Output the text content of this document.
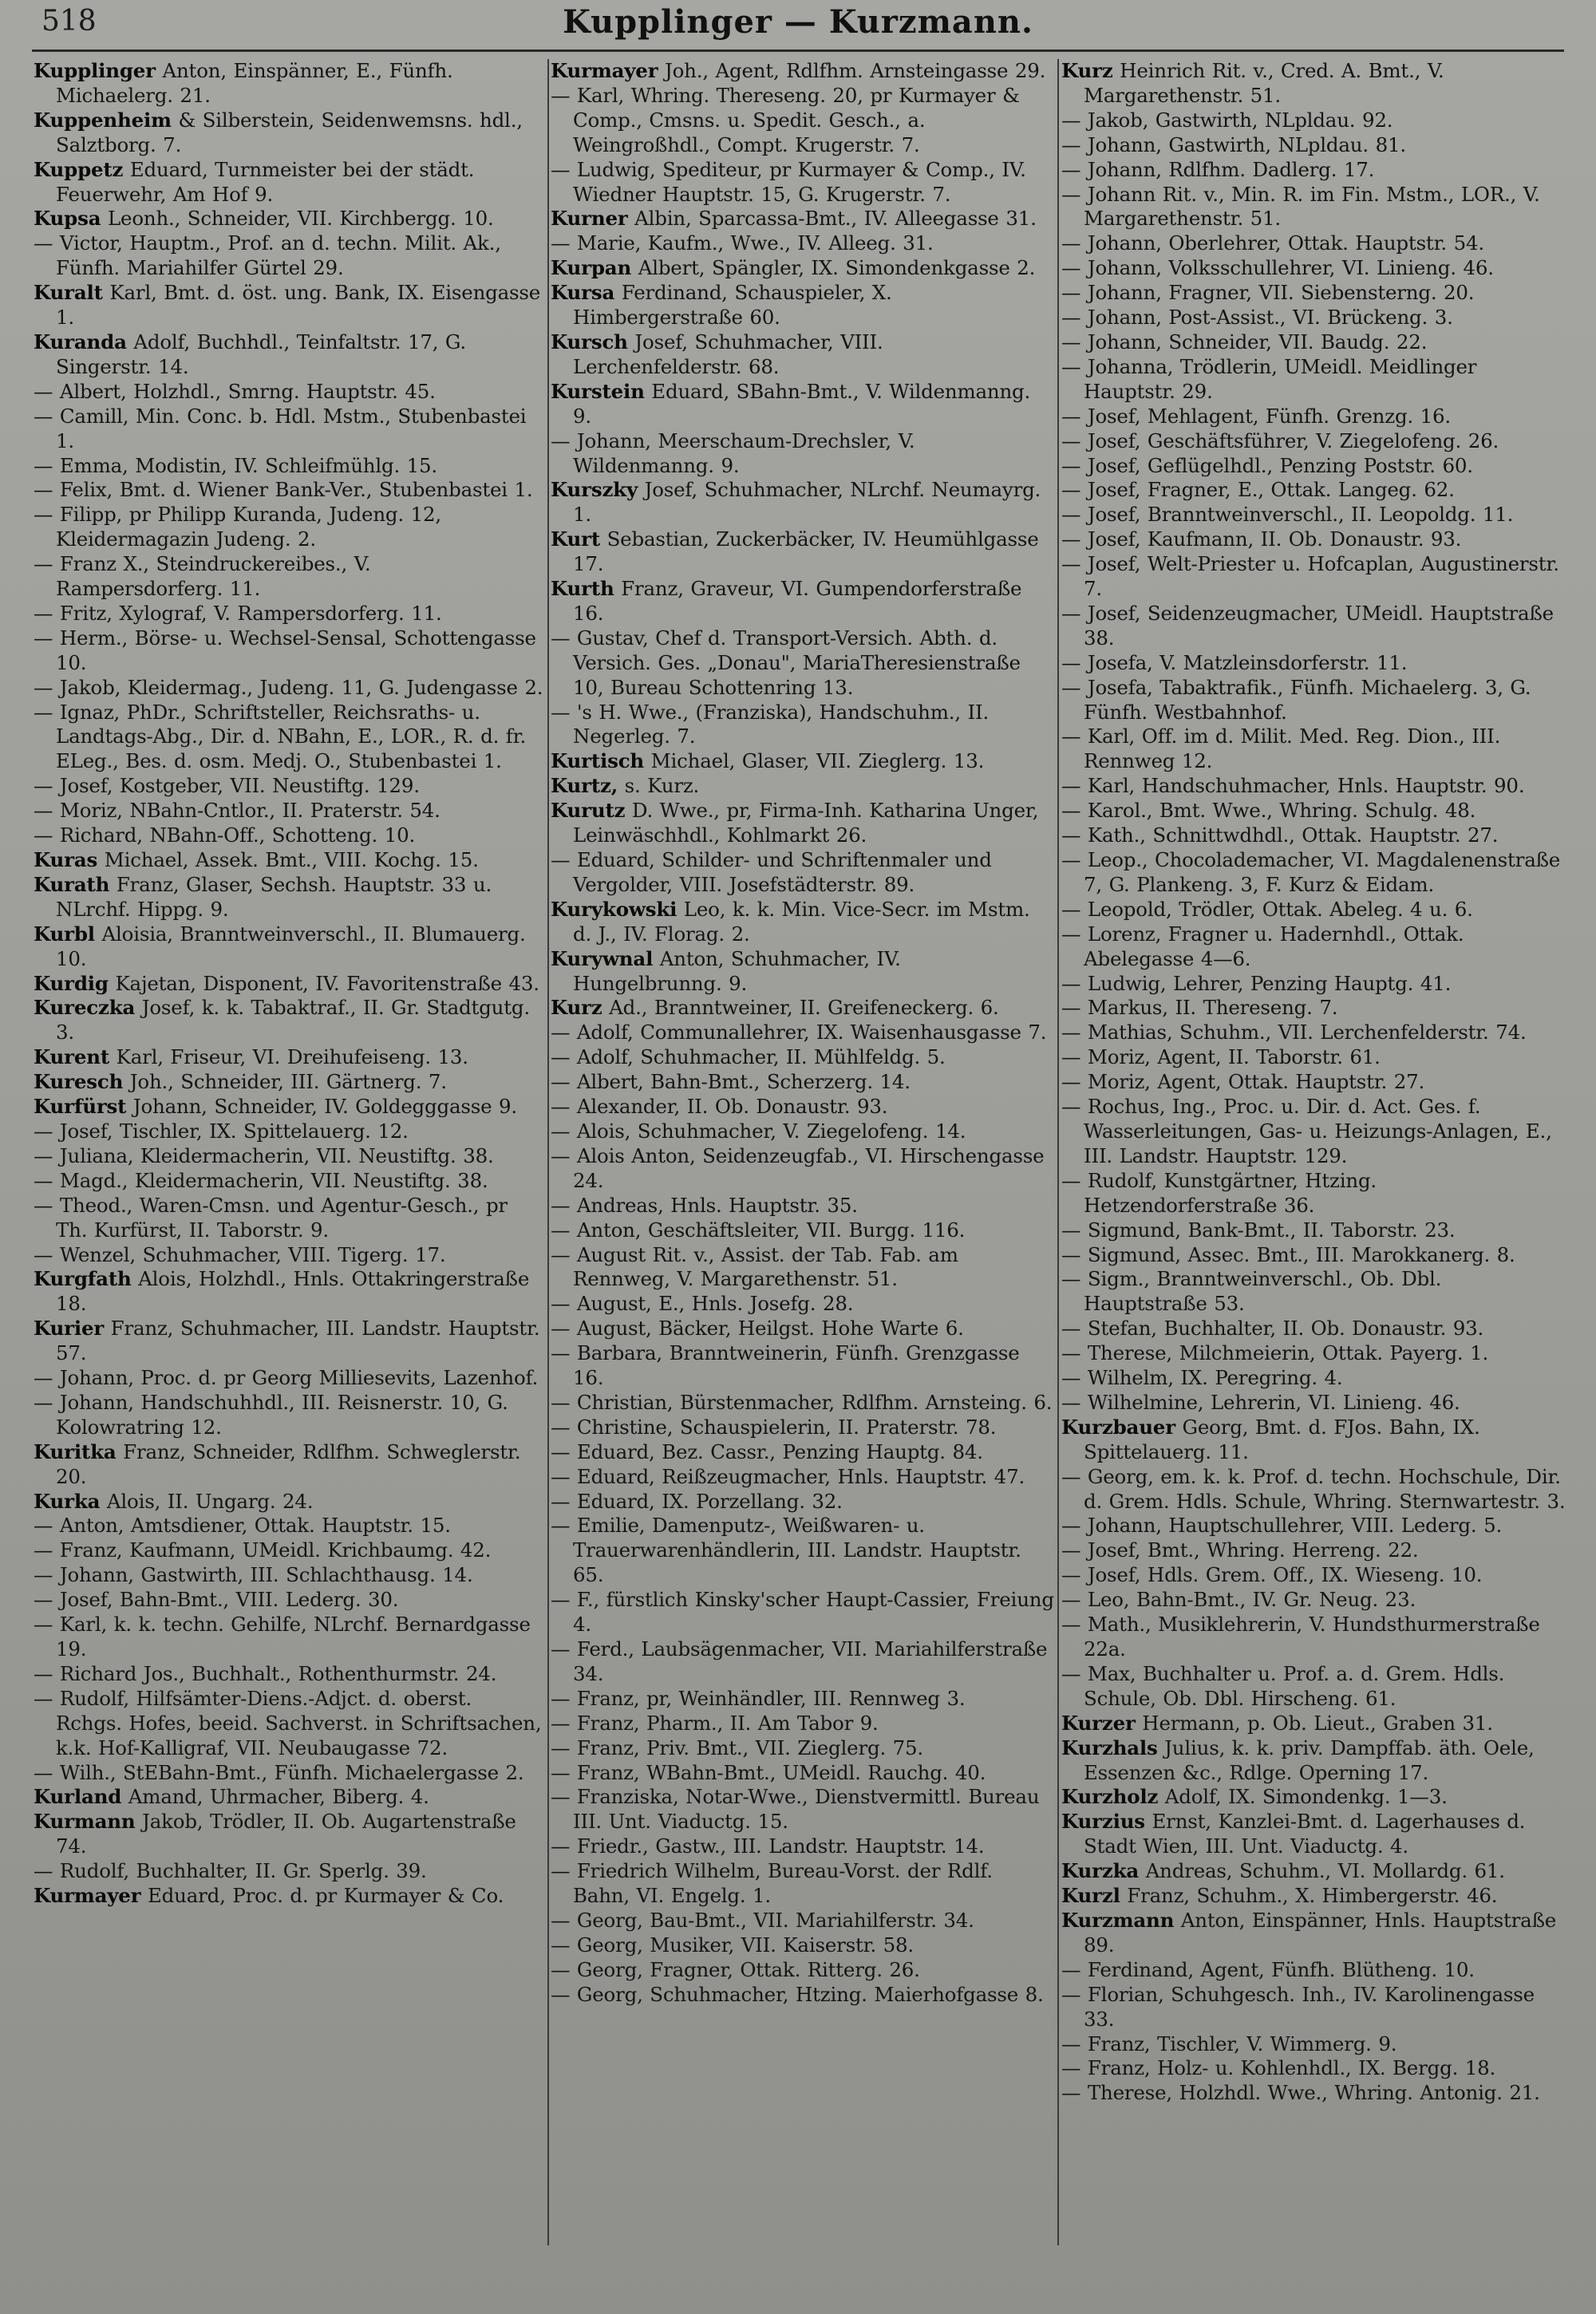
518	Kupplinger — Kurzmann.
Kupplinger Anton, Einspänner, E., Fünfh. Michaelerg. 21.
Kuppenheim & Silberstein, Seidenwemsns. hdl., Salztborg. 7.
Kuppetz Eduard, Turnmeister bei der städt. Feuerwehr, Am Hof 9.
Kupsa Leonh., Schneider, VII. Kirchbergg. 10.
— Victor, Hauptm., Prof. an d. techn. Milit. Ak., Fünfh. Mariahilfer Gürtel 29.
Kuralt Karl, Bmt. d. öst. ung. Bank, IX. Eisengasse 1.
Kuranda Adolf, Buchhdl., Teinfaltstr. 17, G. Singerstr. 14.
— Albert, Holzhdl., Smrng. Hauptstr. 45.
— Camill, Min. Conc. b. Hdl. Mstm., Stubenbastei 1.
— Emma, Modistin, IV. Schleifmühlg. 15.
— Felix, Bmt. d. Wiener Bank-Ver., Stubenbastei 1.
— Filipp, pr Philipp Kuranda, Judeng. 12, Kleidermagazin Judeng. 2.
— Franz X., Steindruckereibes., V. Rampersdorferg. 11.
— Fritz, Xylograf, V. Rampersdorferg. 11.
— Herm., Börse- u. Wechsel-Sensal, Schottengasse 10.
— Jakob, Kleidermag., Judeng. 11, G. Judengasse 2.
— Ignaz, PhDr., Schriftsteller, Reichsraths- u. Landtags-Abg., Dir. d. NBahn, E., LOR., R. d. fr. ELeg., Bes. d. osm. Medj. O., Stubenbastei 1.
— Josef, Kostgeber, VII. Neustiftg. 129.
— Moriz, NBahn-Cntlor., II. Praterstr. 54.
— Richard, NBahn-Off., Schotteng. 10.
Kuras Michael, Assek. Bmt., VIII. Kochg. 15.
Kurath Franz, Glaser, Sechsh. Hauptstr. 33 u. NLrchf. Hippg. 9.
Kurbl Aloisia, Branntweinverschl., II. Blumauerg. 10.
Kurdig Kajetan, Disponent, IV. Favoritenstraße 43.
Kureczka Josef, k. k. Tabaktraf., II. Gr. Stadtgutg. 3.
Kurent Karl, Friseur, VI. Dreihufeiseng. 13.
Kuresch Joh., Schneider, III. Gärtnerg. 7.
Kurfürst Johann, Schneider, IV. Goldegggasse 9.
— Josef, Tischler, IX. Spittelauerg. 12.
— Juliana, Kleidermacherin, VII. Neustiftg. 38.
— Magd., Kleidermacherin, VII. Neustiftg. 38.
— Theod., Waren-Cmsn. und Agentur-Gesch., pr Th. Kurfürst, II. Taborstr. 9.
— Wenzel, Schuhmacher, VIII. Tigerg. 17.
Kurgfath Alois, Holzhdl., Hnls. Ottakringerstraße 18.
Kurier Franz, Schuhmacher, III. Landstr. Hauptstr. 57.
— Johann, Proc. d. pr Georg Milliesevits, Lazenhof.
— Johann, Handschuhhdl., III. Reisnerstr. 10, G. Kolowratring 12.
Kuritka Franz, Schneider, Rdlfhm. Schweglerstr. 20.
Kurka Alois, II. Ungarg. 24.
— Anton, Amtsdiener, Ottak. Hauptstr. 15.
— Franz, Kaufmann, UMeidl. Krichbaumg. 42.
— Johann, Gastwirth, III. Schlachthausg. 14.
— Josef, Bahn-Bmt., VIII. Lederg. 30.
— Karl, k. k. techn. Gehilfe, NLrchf. Bernardgasse 19.
— Richard Jos., Buchhalt., Rothenthurmstr. 24.
— Rudolf, Hilfsämter-Diens.-Adjct. d. oberst. Rchgs. Hofes, beeid. Sachverst. in Schriftsachen, k.k. Hof-Kalligraf, VII. Neubaugasse 72.
— Wilh., StEBahn-Bmt., Fünfh. Michaelergasse 2.
Kurland Amand, Uhrmacher, Biberg. 4.
Kurmann Jakob, Trödler, II. Ob. Augartenstraße 74.
— Rudolf, Buchhalter, II. Gr. Sperlg. 39.
Kurmayer Eduard, Proc. d. pr Kurmayer & Co.
Kurmayer Joh., Agent, Rdlfhm. Arnsteingasse 29.
— Karl, Whring. Thereseng. 20, pr Kurmayer & Comp., Cmsns. u. Spedit. Gesch., a. Weingroßhdl., Compt. Krugerstr. 7.
— Ludwig, Spediteur, pr Kurmayer & Comp., IV. Wiedner Hauptstr. 15, G. Krugerstr. 7.
Kurner Albin, Sparcassa-Bmt., IV. Alleegasse 31.
— Marie, Kaufm., Wwe., IV. Alleeg. 31.
Kurpan Albert, Spängler, IX. Simondenkgasse 2.
Kursa Ferdinand, Schauspieler, X. Himbergerstraße 60.
Kursch Josef, Schuhmacher, VIII. Lerchenfelderstr. 68.
Kurstein Eduard, SBahn-Bmt., V. Wildenmanng. 9.
— Johann, Meerschaum-Drechsler, V. Wildenmanng. 9.
Kurszky Josef, Schuhmacher, NLrchf. Neumayrg. 1.
Kurt Sebastian, Zuckerbäcker, IV. Heumühlgasse 17.
Kurth Franz, Graveur, VI. Gumpendorferstraße 16.
— Gustav, Chef d. Transport-Versich. Abth. d. Versich. Ges. „Donau", MariaTheresienstraße 10, Bureau Schottenring 13.
— 's H. Wwe., (Franziska), Handschuhm., II. Negerleg. 7.
Kurtisch Michael, Glaser, VII. Zieglerg. 13.
Kurtz, s. Kurz.
Kurutz D. Wwe., pr, Firma-Inh. Katharina Unger, Leinwäschhdl., Kohlmarkt 26.
— Eduard, Schilder- und Schriftenmaler und Vergolder, VIII. Josefstädterstr. 89.
Kurykowski Leo, k. k. Min. Vice-Secr. im Mstm. d. J., IV. Florag. 2.
Kurywnal Anton, Schuhmacher, IV. Hungelbrunng. 9.
Kurz Ad., Branntweiner, II. Greifeneckerg. 6.
— Adolf, Communallehrer, IX. Waisenhausgasse 7.
— Adolf, Schuhmacher, II. Mühlfeldg. 5.
— Albert, Bahn-Bmt., Scherzerg. 14.
— Alexander, II. Ob. Donaustr. 93.
— Alois, Schuhmacher, V. Ziegelofeng. 14.
— Alois Anton, Seidenzeugfab., VI. Hirschengasse 24.
— Andreas, Hnls. Hauptstr. 35.
— Anton, Geschäftsleiter, VII. Burgg. 116.
— August Rit. v., Assist. der Tab. Fab. am Rennweg, V. Margarethenstr. 51.
— August, E., Hnls. Josefg. 28.
— August, Bäcker, Heilgst. Hohe Warte 6.
— Barbara, Branntweinerin, Fünfh. Grenzgasse 16.
— Christian, Bürstenmacher, Rdlfhm. Arnsteing. 6.
— Christine, Schauspielerin, II. Praterstr. 78.
— Eduard, Bez. Cassr., Penzing Hauptg. 84.
— Eduard, Reißzeugmacher, Hnls. Hauptstr. 47.
— Eduard, IX. Porzellang. 32.
— Emilie, Damenputz-, Weißwaren- u. Trauerwarenhändlerin, III. Landstr. Hauptstr. 65.
— F., fürstlich Kinsky'scher Haupt-Cassier, Freiung 4.
— Ferd., Laubsägenmacher, VII. Mariahilferstraße 34.
— Franz, pr, Weinhändler, III. Rennweg 3.
— Franz, Pharm., II. Am Tabor 9.
— Franz, Priv. Bmt., VII. Zieglerg. 75.
— Franz, WBahn-Bmt., UMeidl. Rauchg. 40.
— Franziska, Notar-Wwe., Dienstvermittl. Bureau III. Unt. Viaductg. 15.
— Friedr., Gastw., III. Landstr. Hauptstr. 14.
— Friedrich Wilhelm, Bureau-Vorst. der Rdlf. Bahn, VI. Engelg. 1.
— Georg, Bau-Bmt., VII. Mariahilferstr. 34.
— Georg, Musiker, VII. Kaiserstr. 58.
— Georg, Fragner, Ottak. Ritterg. 26.
— Georg, Schuhmacher, Htzing. Maierhofgasse 8.
Kurz Heinrich Rit. v., Cred. A. Bmt., V. Margarethenstr. 51.
— Jakob, Gastwirth, NLpldau. 92.
— Johann, Gastwirth, NLpldau. 81.
— Johann, Rdlfhm. Dadlerg. 17.
— Johann Rit. v., Min. R. im Fin. Mstm., LOR., V. Margarethenstr. 51.
— Johann, Oberlehrer, Ottak. Hauptstr. 54.
— Johann, Volksschullehrer, VI. Linieng. 46.
— Johann, Fragner, VII. Siebensterng. 20.
— Johann, Post-Assist., VI. Brückeng. 3.
— Johann, Schneider, VII. Baudg. 22.
— Johanna, Trödlerin, UMeidl. Meidlinger Hauptstr. 29.
— Josef, Mehlagent, Fünfh. Grenzg. 16.
— Josef, Geschäftsführer, V. Ziegelofeng. 26.
— Josef, Geflügelhdl., Penzing Poststr. 60.
— Josef, Fragner, E., Ottak. Langeg. 62.
— Josef, Branntweinverschl., II. Leopoldg. 11.
— Josef, Kaufmann, II. Ob. Donaustr. 93.
— Josef, Welt-Priester u. Hofcaplan, Augustinerstr. 7.
— Josef, Seidenzeugmacher, UMeidl. Hauptstraße 38.
— Josefa, V. Matzleinsdorferstr. 11.
— Josefa, Tabaktrafik., Fünfh. Michaelerg. 3, G. Fünfh. Westbahnhof.
— Karl, Off. im d. Milit. Med. Reg. Dion., III. Rennweg 12.
— Karl, Handschuhmacher, Hnls. Hauptstr. 90.
— Karol., Bmt. Wwe., Whring. Schulg. 48.
— Kath., Schnittwdhdl., Ottak. Hauptstr. 27.
— Leop., Chocolademacher, VI. Magdalenenstraße 7, G. Plankeng. 3, F. Kurz & Eidam.
— Leopold, Trödler, Ottak. Abeleg. 4 u. 6.
— Lorenz, Fragner u. Hadernhdl., Ottak. Abelegasse 4—6.
— Ludwig, Lehrer, Penzing Hauptg. 41.
— Markus, II. Thereseng. 7.
— Mathias, Schuhm., VII. Lerchenfelderstr. 74.
— Moriz, Agent, II. Taborstr. 61.
— Moriz, Agent, Ottak. Hauptstr. 27.
— Rochus, Ing., Proc. u. Dir. d. Act. Ges. f. Wasserleitungen, Gas- u. Heizungs-Anlagen, E., III. Landstr. Hauptstr. 129.
— Rudolf, Kunstgärtner, Htzing. Hetzendorferstraße 36.
— Sigmund, Bank-Bmt., II. Taborstr. 23.
— Sigmund, Assec. Bmt., III. Marokkanerg. 8.
— Sigm., Branntweinverschl., Ob. Dbl. Hauptstraße 53.
— Stefan, Buchhalter, II. Ob. Donaustr. 93.
— Therese, Milchmeierin, Ottak. Payerg. 1.
— Wilhelm, IX. Peregring. 4.
— Wilhelmine, Lehrerin, VI. Linieng. 46.
Kurzbauer Georg, Bmt. d. FJos. Bahn, IX. Spittelauerg. 11.
— Georg, em. k. k. Prof. d. techn. Hochschule, Dir. d. Grem. Hdls. Schule, Whring. Sternwartestr. 3.
— Johann, Hauptschullehrer, VIII. Lederg. 5.
— Josef, Bmt., Whring. Herreng. 22.
— Josef, Hdls. Grem. Off., IX. Wieseng. 10.
— Leo, Bahn-Bmt., IV. Gr. Neug. 23.
— Math., Musiklehrerin, V. Hundsthurmerstraße 22a.
— Max, Buchhalter u. Prof. a. d. Grem. Hdls. Schule, Ob. Dbl. Hirscheng. 61.
Kurzer Hermann, p. Ob. Lieut., Graben 31.
Kurzhals Julius, k. k. priv. Dampffab. äth. Oele, Essenzen &c., Rdlge. Operning 17.
Kurzholz Adolf, IX. Simondenkg. 1—3.
Kurzius Ernst, Kanzlei-Bmt. d. Lagerhauses d. Stadt Wien, III. Unt. Viaductg. 4.
Kurzka Andreas, Schuhm., VI. Mollardg. 61.
Kurzl Franz, Schuhm., X. Himbergerstr. 46.
Kurzmann Anton, Einspänner, Hnls. Hauptstraße 89.
— Ferdinand, Agent, Fünfh. Blütheng. 10.
— Florian, Schuhgesch. Inh., IV. Karolinengasse 33.
— Franz, Tischler, V. Wimmerg. 9.
— Franz, Holz- u. Kohlenhdl., IX. Bergg. 18.
— Therese, Holzhdl. Wwe., Whring. Antonig. 21.
